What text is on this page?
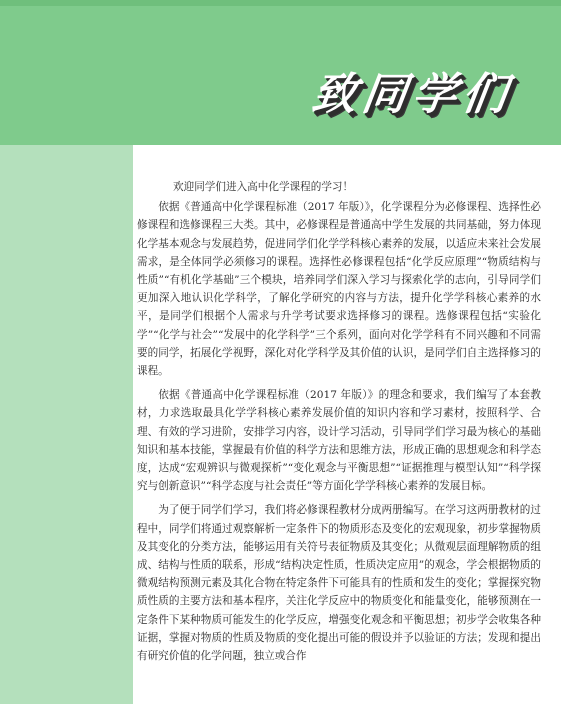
致同学们

欢迎同学们进入高中化学课程的学习！

依据《普通高中化学课程标准（2017 年版）》，化学课程分为必修课程、选择性必修课程和选修课程三大类。其中，必修课程是普通高中学生发展的共同基础，努力体现化学基本观念与发展趋势，促进同学们化学学科核心素养的发展，以适应未来社会发展需求，是全体同学必须修习的课程。选择性必修课程包括“化学反应原理”“物质结构与性质”“有机化学基础”三个模块，培养同学们深入学习与探索化学的志向，引导同学们更加深入地认识化学科学，了解化学研究的内容与方法，提升化学学科核心素养的水平，是同学们根据个人需求与升学考试要求选择修习的课程。选修课程包括“实验化学”“化学与社会”“发展中的化学科学”三个系列，面向对化学学科有不同兴趣和不同需要的同学，拓展化学视野，深化对化学科学及其价值的认识，是同学们自主选择修习的课程。

依据《普通高中化学课程标准（2017 年版）》的理念和要求，我们编写了本套教材，力求选取最具化学学科核心素养发展价值的知识内容和学习素材，按照科学、合理、有效的学习进阶，安排学习内容，设计学习活动，引导同学们学习最为核心的基础知识和基本技能，掌握最有价值的科学方法和思维方法，形成正确的思想观念和科学态度，达成“宏观辨识与微观探析”“变化观念与平衡思想”“证据推理与模型认知”“科学探究与创新意识”“科学态度与社会责任”等方面化学学科核心素养的发展目标。

为了便于同学们学习，我们将必修课程教材分成两册编写。在学习这两册教材的过程中，同学们将通过观察解析一定条件下的物质形态及变化的宏观现象，初步掌握物质及其变化的分类方法，能够运用有关符号表征物质及其变化；从微观层面理解物质的组成、结构与性质的联系，形成“结构决定性质，性质决定应用”的观念，学会根据物质的微观结构预测元素及其化合物在特定条件下可能具有的性质和发生的变化；掌握探究物质性质的主要方法和基本程序，关注化学反应中的物质变化和能量变化，能够预测在一定条件下某种物质可能发生的化学反应，增强变化观念和平衡思想；初步学会收集各种证据，掌握对物质的性质及物质的变化提出可能的假设并予以验证的方法；发现和提出有研究价值的化学问题，独立或合作
